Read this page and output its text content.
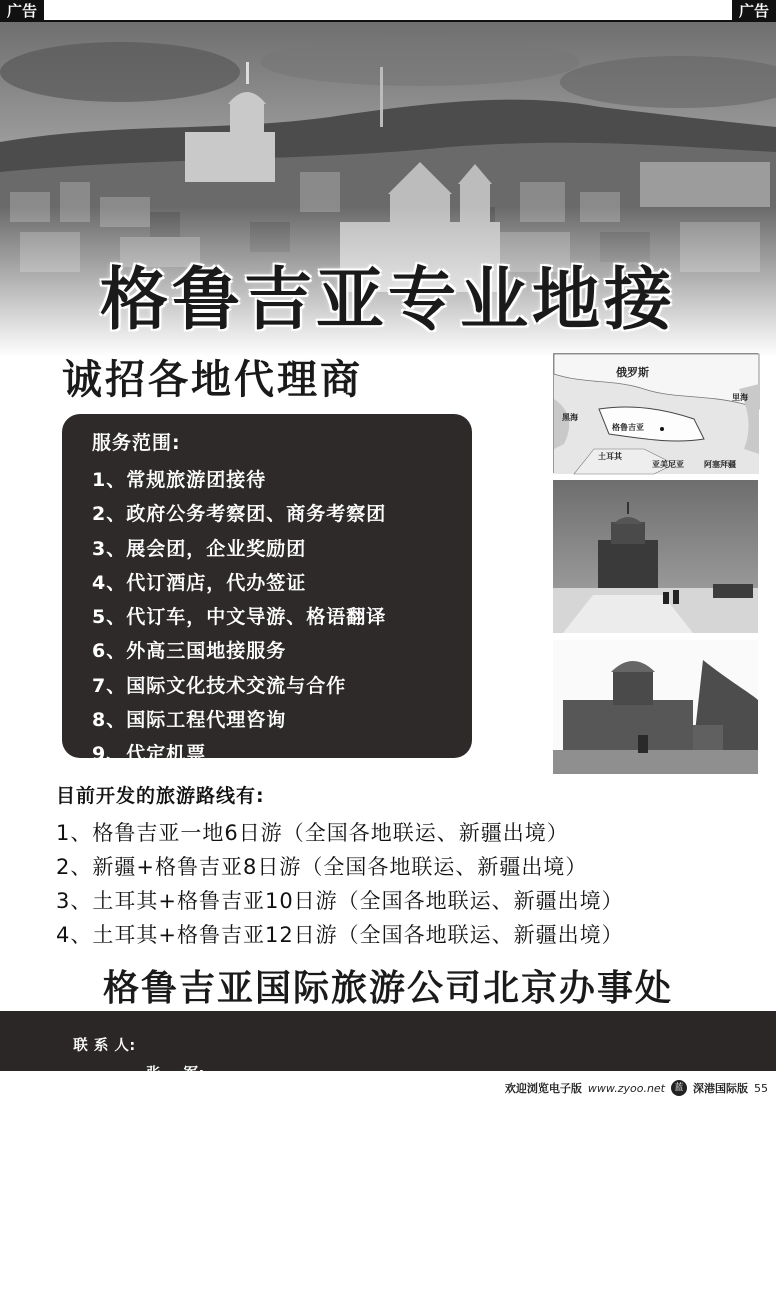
广告	广告
格鲁吉亚专业地接
诚招各地代理商
服务范围:
1、常规旅游团接待
2、政府公务考察团、商务考察团
3、展会团，企业奖励团
4、代订酒店，代办签证
5、代订车，中文导游、格语翻译
6、外高三国地接服务
7、国际文化技术交流与合作
8、国际工程代理咨询
9、代定机票
俄罗斯
黑海
格鲁吉亚
土耳其
亚美尼亚	阿塞拜疆
里海
目前开发的旅游路线有:
1、格鲁吉亚一地6日游（全国各地联运、新疆出境）
2、新疆+格鲁吉亚8日游（全国各地联运、新疆出境）
3、土耳其+格鲁吉亚10日游（全国各地联运、新疆出境）
4、土耳其+格鲁吉亚12日游（全国各地联运、新疆出境）
格鲁吉亚国际旅游公司北京办事处

联 系 人:

张桂春:

电话

010-57727568

QQ:

168173123

手机

13601077136

张    军:

电话

010-57727558

QQ:

409839905

手机

13601007456

欢迎浏览电子版 www.zyoo.net	蓝 深港国际版 55
